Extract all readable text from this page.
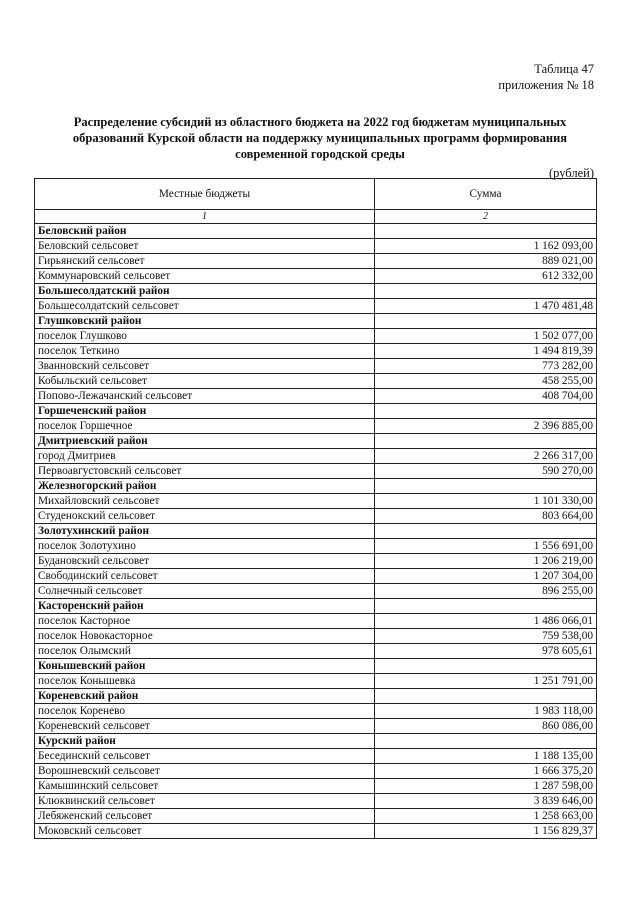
Таблица 47
приложения № 18
Распределение субсидий из областного бюджета на 2022 год бюджетам муниципальных образований Курской области на поддержку муниципальных программ формирования современной городской среды
(рублей)
Местные бюджеты	Сумма
1	2
Беловский район	
Беловский сельсовет	1 162 093,00
Гирьянский сельсовет	889 021,00
Коммунаровский сельсовет	612 332,00
Большесолдатский район	
Большесолдатский сельсовет	1 470 481,48
Глушковский район	
поселок Глушково	1 502 077,00
поселок Теткино	1 494 819,39
Званновский сельсовет	773 282,00
Кобыльский сельсовет	458 255,00
Попово-Лежачанский сельсовет	408 704,00
Горшеченский район	
поселок Горшечное	2 396 885,00
Дмитриевский район	
город Дмитриев	2 266 317,00
Первоавгустовский сельсовет	590 270,00
Железногорский район	
Михайловский сельсовет	1 101 330,00
Студенокский сельсовет	803 664,00
Золотухинский район	
поселок Золотухино	1 556 691,00
Будановский сельсовет	1 206 219,00
Свободинский сельсовет	1 207 304,00
Солнечный сельсовет	896 255,00
Касторенский район	
поселок Касторное	1 486 066,01
поселок Новокасторное	759 538,00
поселок Олымский	978 605,61
Конышевский район	
поселок Конышевка	1 251 791,00
Кореневский район	
поселок Коренево	1 983 118,00
Кореневский сельсовет	860 086,00
Курский район	
Бесединский сельсовет	1 188 135,00
Ворошневский сельсовет	1 666 375,20
Камышинский сельсовет	1 287 598,00
Клюквинский сельсовет	3 839 646,00
Лебяженский сельсовет	1 258 663,00
Моковский сельсовет	1 156 829,37
